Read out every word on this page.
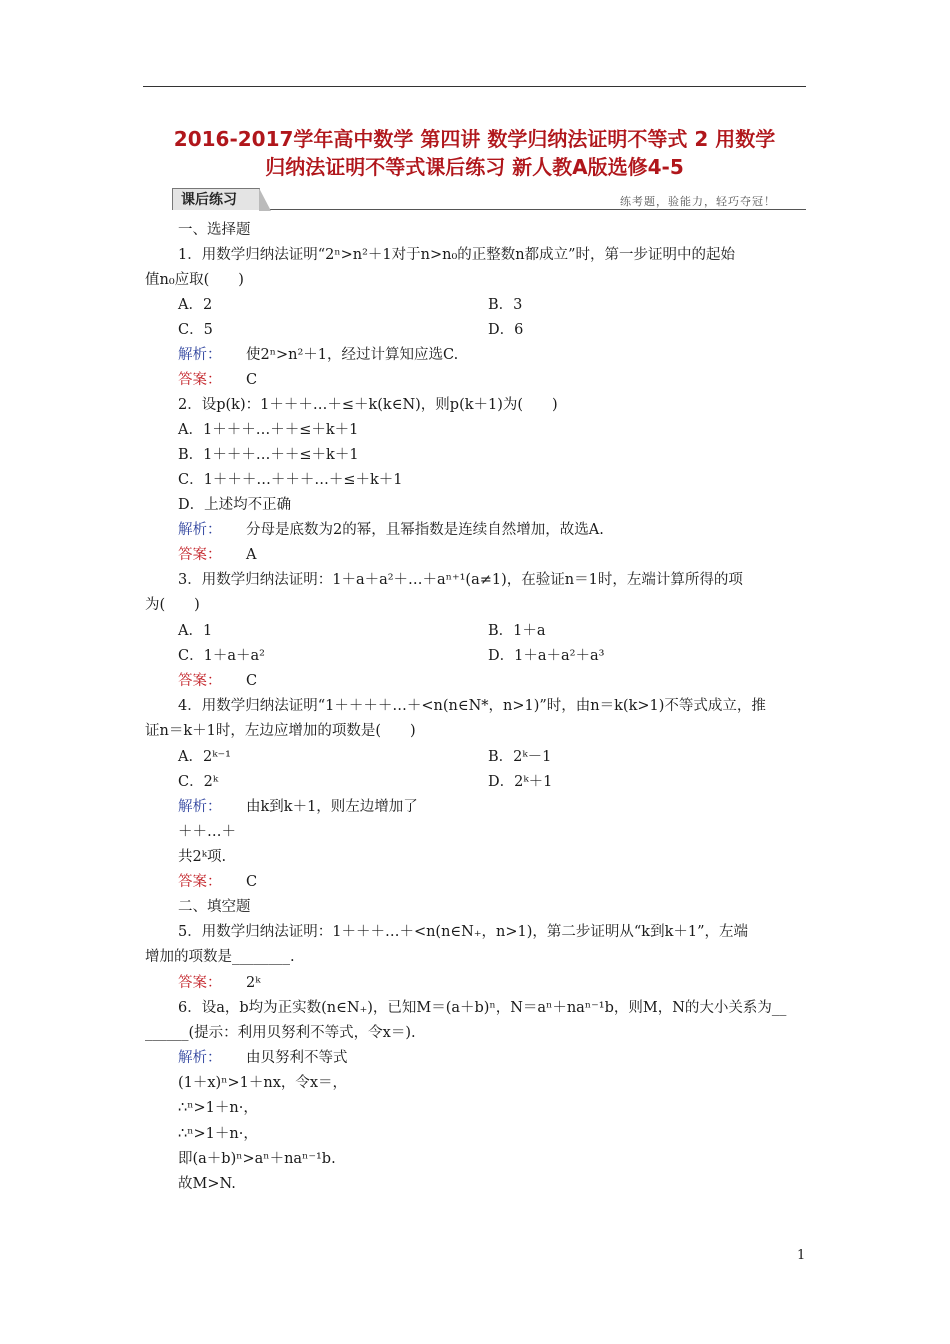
2016-2017学年高中数学 第四讲 数学归纳法证明不等式 2 用数学
归纳法证明不等式课后练习 新人教A版选修4-5
课后练习	练考题，验能力，轻巧夺冠！
一、选择题
1．用数学归纳法证明“2ⁿ>n²＋1对于n>n₀的正整数n都成立”时，第一步证明中的起始
值n₀应取(　　)
A．2	B．3
C．5	D．6
解析： 使2ⁿ>n²＋1，经过计算知应选C.
答案： C
2．设p(k)：1＋＋＋…＋≤＋k(k∈N)，则p(k＋1)为(　　)
A．1＋＋＋…＋＋≤＋k＋1
B．1＋＋＋…＋＋≤＋k＋1
C．1＋＋＋…＋＋＋…＋≤＋k＋1
D．上述均不正确
解析： 分母是底数为2的幂，且幂指数是连续自然增加，故选A.
答案： A
3．用数学归纳法证明：1＋a＋a²＋…＋aⁿ⁺¹(a≠1)，在验证n＝1时，左端计算所得的项
为(　　)
A．1	B．1＋a
C．1＋a＋a²	D．1＋a＋a²＋a³
答案： C
4．用数学归纳法证明“1＋＋＋＋…＋<n(n∈N*，n>1)”时，由n＝k(k>1)不等式成立，推
证n＝k＋1时，左边应增加的项数是(　　)
A．2ᵏ⁻¹	B．2ᵏ－1
C．2ᵏ	D．2ᵏ＋1
解析： 由k到k＋1，则左边增加了
＋＋…＋
共2ᵏ项.
答案： C
二、填空题
5．用数学归纳法证明：1＋＋＋…＋<n(n∈N₊，n>1)，第二步证明从“k到k＋1”，左端
增加的项数是________.
答案： 2ᵏ
6．设a，b均为正实数(n∈N₊)，已知M＝(a＋b)ⁿ，N＝aⁿ＋naⁿ⁻¹b，则M，N的大小关系为__
______(提示：利用贝努利不等式，令x＝).
解析： 由贝努利不等式
(1＋x)ⁿ>1＋nx，令x＝，
∴ⁿ>1＋n·，
∴ⁿ>1＋n·，
即(a＋b)ⁿ>aⁿ＋naⁿ⁻¹b.
故M>N.
1
